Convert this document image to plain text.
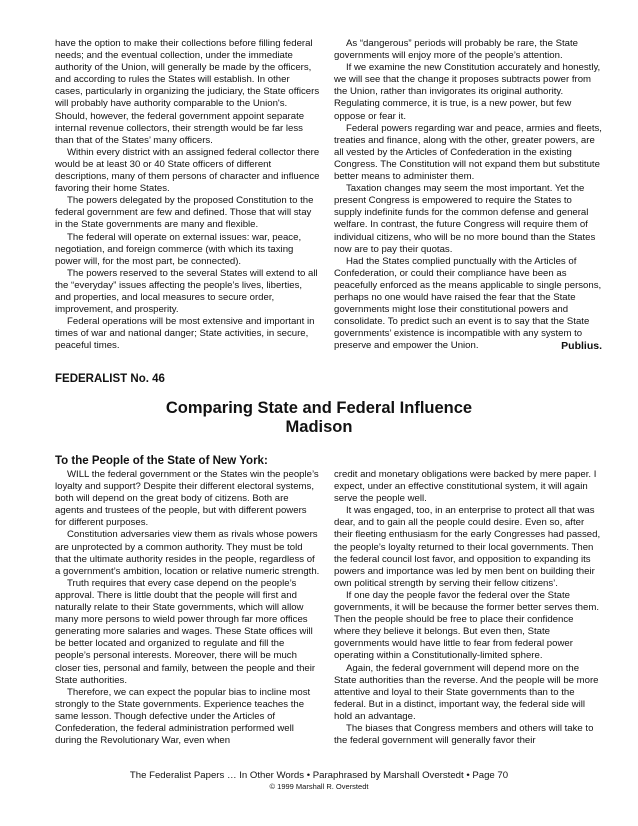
have the option to make their collections before filling federal needs; and the eventual collection, under the immediate authority of the Union, will generally be made by the officers, and according to rules the States will establish. In other cases, particularly in organizing the judiciary, the State officers will probably have authority comparable to the Union's. Should, however, the federal government appoint separate internal revenue collectors, their strength would be far less than that of the States’ many officers.

Within every district with an assigned federal collector there would be at least 30 or 40 State officers of different descriptions, many of them persons of character and influence favoring their home States.

The powers delegated by the proposed Constitution to the federal government are few and defined. Those that will stay in the State governments are many and flexible.

The federal will operate on external issues: war, peace, negotiation, and foreign commerce (with which its taxing power will, for the most part, be connected).

The powers reserved to the several States will extend to all the “everyday” issues affecting the people’s lives, liberties, and properties, and local measures to secure order, improvement, and prosperity.

Federal operations will be most extensive and important in times of war and national danger; State activities, in secure, peaceful times.

As “dangerous” periods will probably be rare, the State governments will enjoy more of the people’s attention.

If we examine the new Constitution accurately and honestly, we will see that the change it proposes subtracts power from the Union, rather than invigorates its original authority. Regulating commerce, it is true, is a new power, but few oppose or fear it.

Federal powers regarding war and peace, armies and fleets, treaties and finance, along with the other, greater powers, are all vested by the Articles of Confederation in the existing Congress. The Constitution will not expand them but substitute better means to administer them.

Taxation changes may seem the most important. Yet the present Congress is empowered to require the States to supply indefinite funds for the common defense and general welfare. In contrast, the future Congress will require them of individual citizens, who will be no more bound than the States now are to pay their quotas.

Had the States complied punctually with the Articles of Confederation, or could their compliance have been as peacefully enforced as the means applicable to single persons, perhaps no one would have raised the fear that the State governments might lose their constitutional powers and consolidate. To predict such an event is to say that the State governments’ existence is incompatible with any system to preserve and empower the Union.	Publius.
FEDERALIST No. 46
Comparing State and Federal Influence
Madison
To the People of the State of New York:

WILL the federal government or the States win the people’s loyalty and support? Despite their different electoral systems, both will depend on the great body of citizens. Both are agents and trustees of the people, but with different powers for different purposes.

Constitution adversaries view them as rivals whose powers are unprotected by a common authority. They must be told that the ultimate authority resides in the people, regardless of a government’s ambition, location or relative numeric strength.

Truth requires that every case depend on the people’s approval. There is little doubt that the people will first and naturally relate to their State governments, which will allow many more persons to wield power through far more offices generating more salaries and wages. These State offices will be better located and organized to regulate and fill the people’s personal interests. Moreover, there will be much closer ties, personal and family, between the people and their State authorities.

Therefore, we can expect the popular bias to incline most strongly to the State governments. Experience teaches the same lesson. Though defective under the Articles of Confederation, the federal administration performed well during the Revolutionary War, even when

credit and monetary obligations were backed by mere paper. I expect, under an effective constitutional system, it will again serve the people well.

It was engaged, too, in an enterprise to protect all that was dear, and to gain all the people could desire. Even so, after their fleeting enthusiasm for the early Congresses had passed, the people’s loyalty returned to their local governments. Then the federal council lost favor, and opposition to expanding its powers and importance was led by men bent on building their own political strength by serving their fellow citizens’.

If one day the people favor the federal over the State governments, it will be because the former better serves them. Then the people should be free to place their confidence where they believe it belongs. But even then, State governments would have little to fear from federal power operating within a Constitutionally-limited sphere.

Again, the federal government will depend more on the State authorities than the reverse. And the people will be more attentive and loyal to their State governments than to the federal. But in a distinct, important way, the federal side will hold an advantage.

The biases that Congress members and others will take to the federal government will generally favor their

The Federalist Papers … In Other Words • Paraphrased by Marshall Overstedt • Page 70
© 1999 Marshall R. Overstedt
